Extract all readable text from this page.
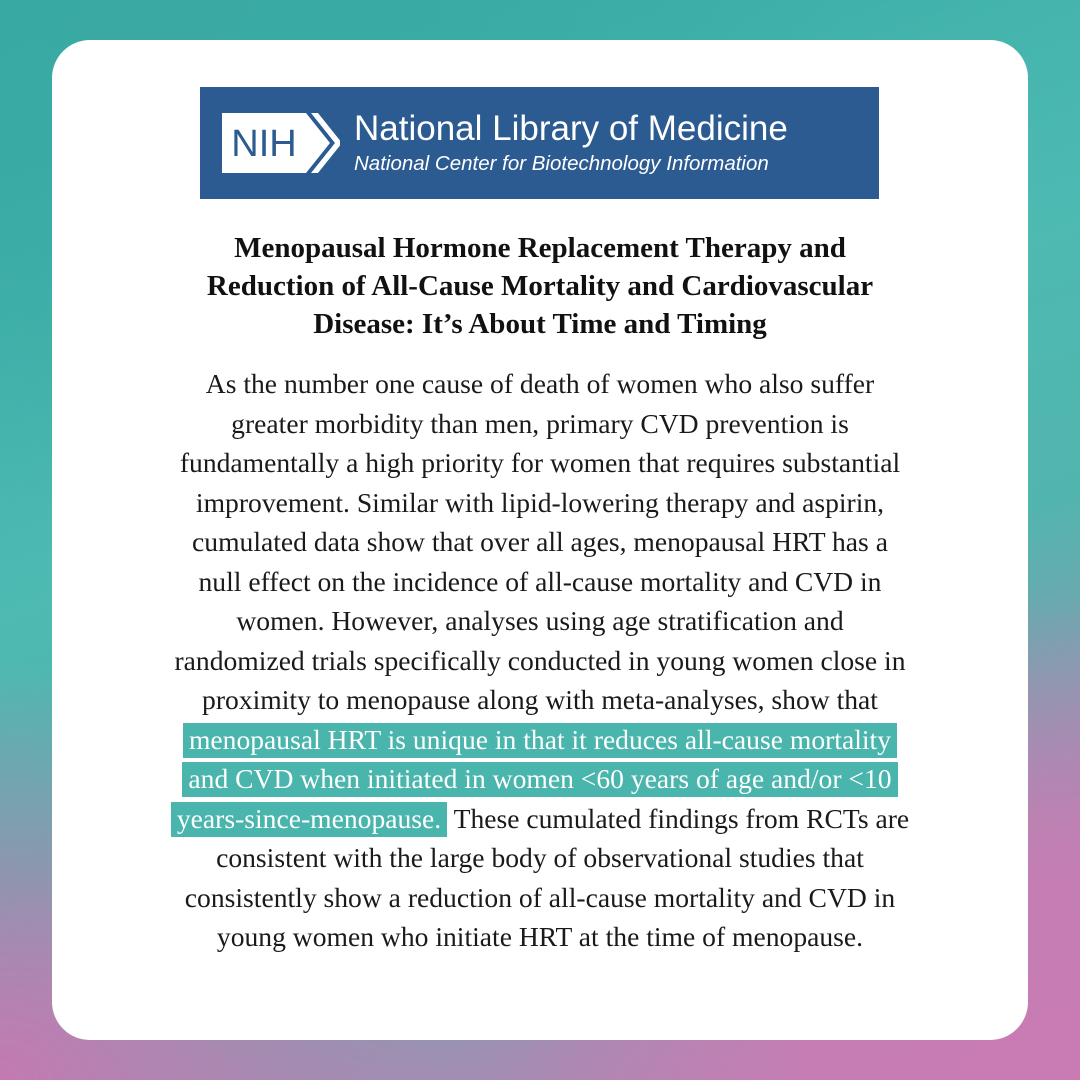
NIH National Library of Medicine
National Center for Biotechnology Information
Menopausal Hormone Replacement Therapy and
Reduction of All-Cause Mortality and Cardiovascular
Disease: It’s About Time and Timing
As the number one cause of death of women who also suffer
greater morbidity than men, primary CVD prevention is
fundamentally a high priority for women that requires substantial
improvement. Similar with lipid-lowering therapy and aspirin,
cumulated data show that over all ages, menopausal HRT has a
null effect on the incidence of all-cause mortality and CVD in
women. However, analyses using age stratification and
randomized trials specifically conducted in young women close in
proximity to menopause along with meta-analyses, show that
menopausal HRT is unique in that it reduces all-cause mortality
and CVD when initiated in women <60 years of age and/or <10
years-since-menopause. These cumulated findings from RCTs are
consistent with the large body of observational studies that
consistently show a reduction of all-cause mortality and CVD in
young women who initiate HRT at the time of menopause.
